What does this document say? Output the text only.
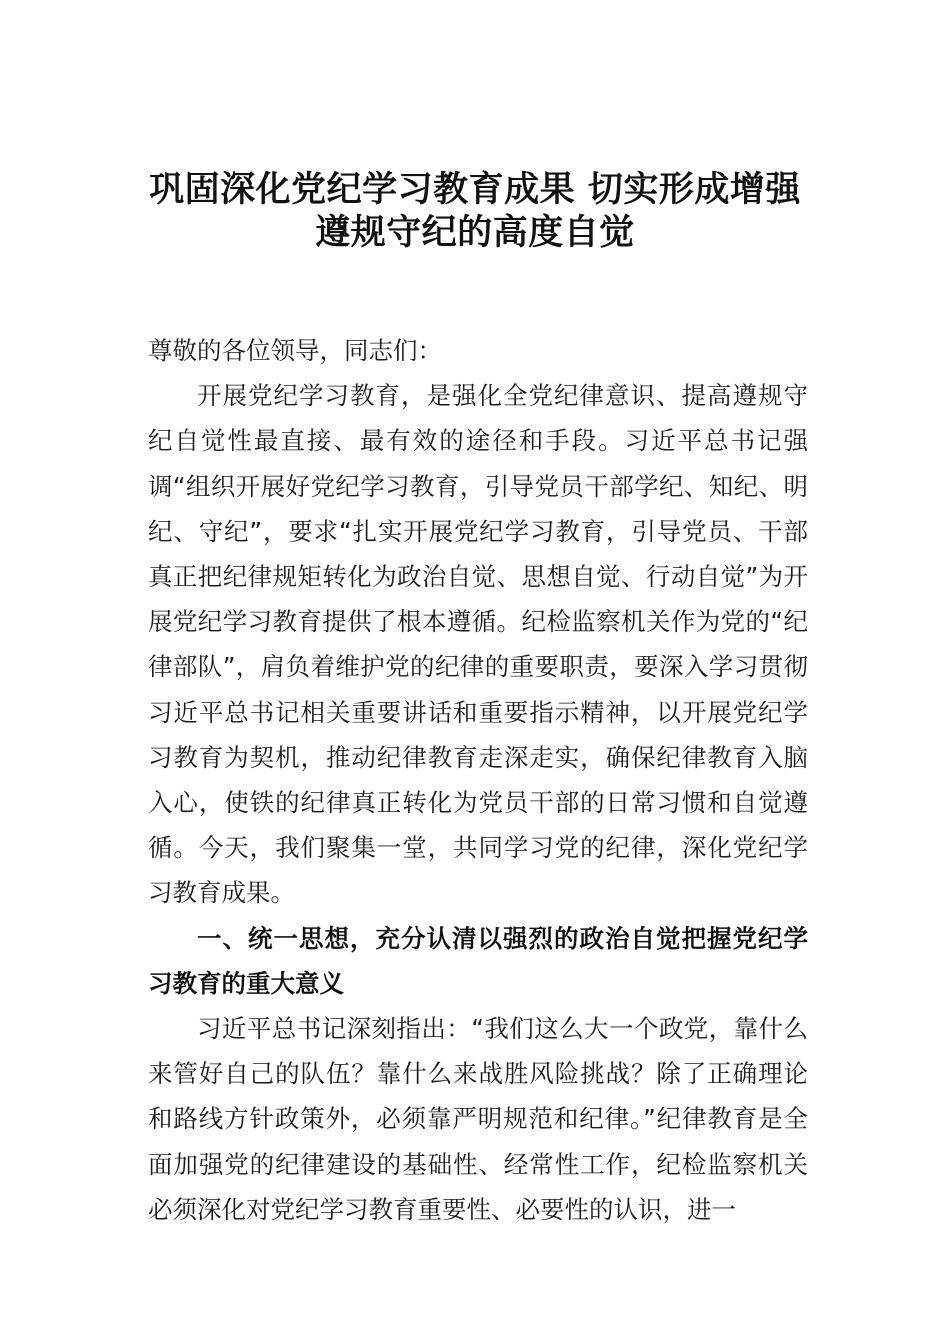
巩固深化党纪学习教育成果 切实形成增强
遵规守纪的高度自觉

尊敬的各位领导，同志们：

开展党纪学习教育，是强化全党纪律意识、提高遵规守纪自觉性最直接、最有效的途径和手段。习近平总书记强调“组织开展好党纪学习教育，引导党员干部学纪、知纪、明纪、守纪”，要求“扎实开展党纪学习教育，引导党员、干部真正把纪律规矩转化为政治自觉、思想自觉、行动自觉”为开展党纪学习教育提供了根本遵循。纪检监察机关作为党的“纪律部队”，肩负着维护党的纪律的重要职责，要深入学习贯彻习近平总书记相关重要讲话和重要指示精神，以开展党纪学习教育为契机，推动纪律教育走深走实，确保纪律教育入脑入心，使铁的纪律真正转化为党员干部的日常习惯和自觉遵循。今天，我们聚集一堂，共同学习党的纪律，深化党纪学习教育成果。

一、统一思想，充分认清以强烈的政治自觉把握党纪学习教育的重大意义

习近平总书记深刻指出：“我们这么大一个政党，靠什么来管好自己的队伍？靠什么来战胜风险挑战？除了正确理论和路线方针政策外，必须靠严明规范和纪律。”纪律教育是全面加强党的纪律建设的基础性、经常性工作，纪检监察机关必须深化对党纪学习教育重要性、必要性的认识，进一
